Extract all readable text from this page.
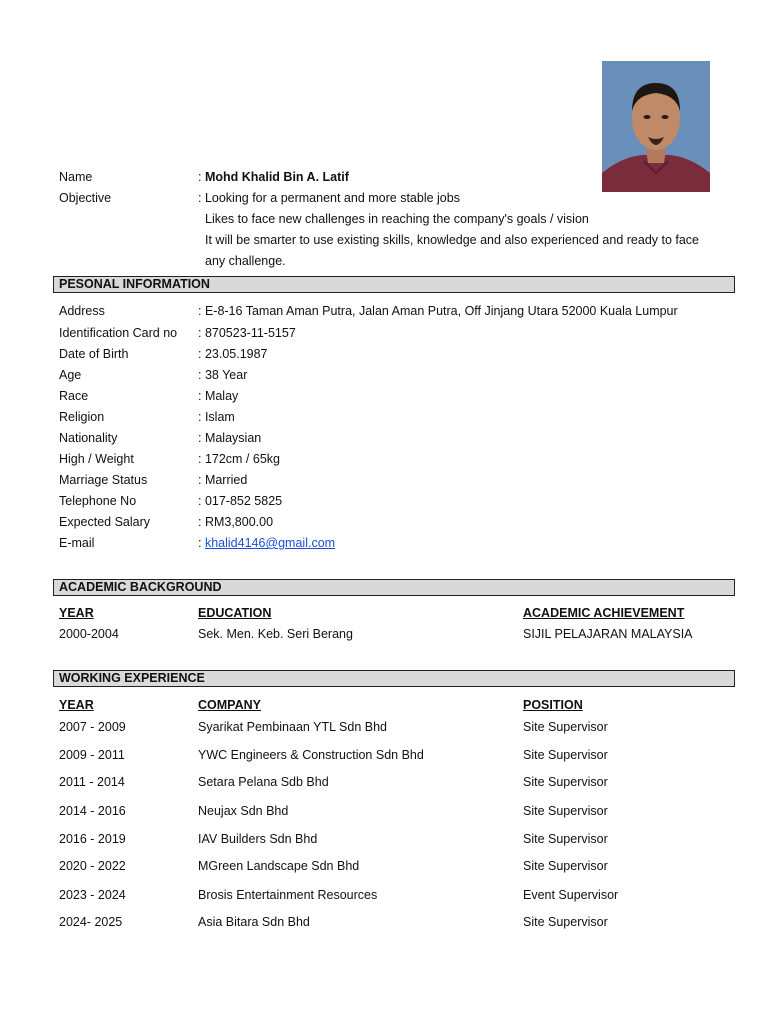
Name	: Mohd Khalid Bin A. Latif
Objective	: Looking for a permanent and more stable jobs
Likes to face new challenges in reaching the company's goals / vision
It will be smarter to use existing skills, knowledge and also experienced and ready to face
any challenge.
PESONAL INFORMATION
Address	: E-8-16 Taman Aman Putra, Jalan Aman Putra, Off Jinjang Utara 52000 Kuala Lumpur
Identification Card no : 870523-11-5157
Date of Birth	: 23.05.1987
Age	: 38 Year
Race	: Malay
Religion	: Islam
Nationality	: Malaysian
High / Weight	: 172cm / 65kg
Marriage Status	: Married
Telephone No	: 017-852 5825
Expected Salary	: RM3,800.00
E-mail	: khalid4146@gmail.com
ACADEMIC BACKGROUND
YEAR	EDUCATION	ACADEMIC ACHIEVEMENT
2000-2004	Sek. Men. Keb. Seri Berang	SIJIL PELAJARAN MALAYSIA
WORKING EXPERIENCE
YEAR	COMPANY	POSITION
2007 - 2009	Syarikat Pembinaan YTL Sdn Bhd	Site Supervisor
2009 - 2011	YWC Engineers & Construction Sdn Bhd	Site Supervisor
2011 - 2014	Setara Pelana Sdb Bhd	Site Supervisor
2014 - 2016	Neujax Sdn Bhd	Site Supervisor
2016 - 2019	IAV Builders Sdn Bhd	Site Supervisor
2020 - 2022	MGreen Landscape Sdn Bhd	Site Supervisor
2023 - 2024	Brosis Entertainment Resources	Event Supervisor
2024- 2025	Asia Bitara Sdn Bhd	Site Supervisor
